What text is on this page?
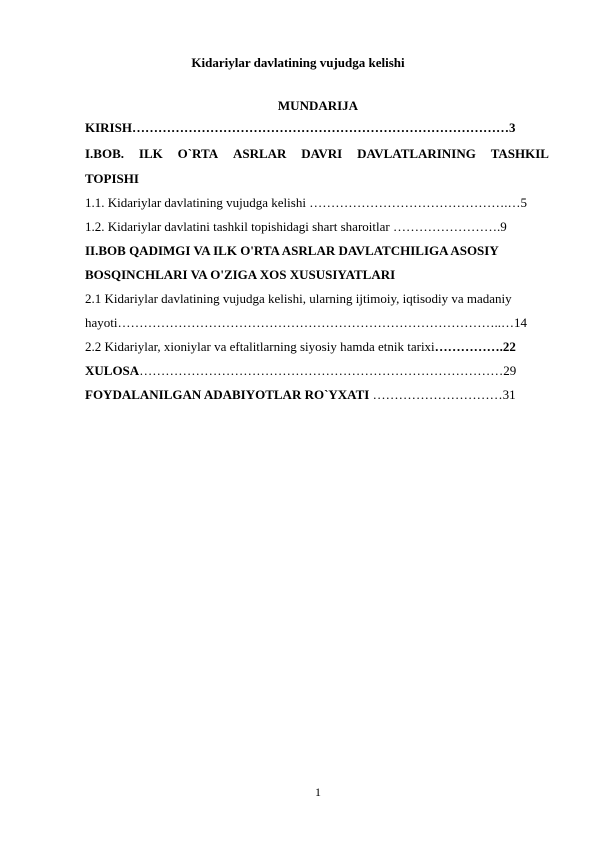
Kidariylar davlatining vujudga kelishi
MUNDARIJA
KIRISH……………………………………………………………………………3
I.BOB. ILK O`RTA ASRLAR DAVRI DAVLATLARINING TASHKIL
TOPISHI
1.1. Kidariylar davlatining vujudga kelishi ……………………………………….…5
1.2. Kidariylar davlatini tashkil topishidagi shart sharoitlar …………………….9
II.BOB QADIMGI VA ILK O'RTA ASRLAR DAVLATCHILIGA ASOSIY
BOSQINCHLARI VA O'ZIGA XOS XUSUSIYATLARI
2.1 Kidariylar davlatining vujudga kelishi, ularning ijtimoiy, iqtisodiy va madaniy
hayoti……………………………………………………………………………..…14
2.2 Kidariylar, xioniylar va eftalitlarning siyosiy hamda etnik tarixi…………….22
XULOSA…………………………………………………………………………29
FOYDALANILGAN ADABIYOTLAR RO`YXATI …………………………31
1
